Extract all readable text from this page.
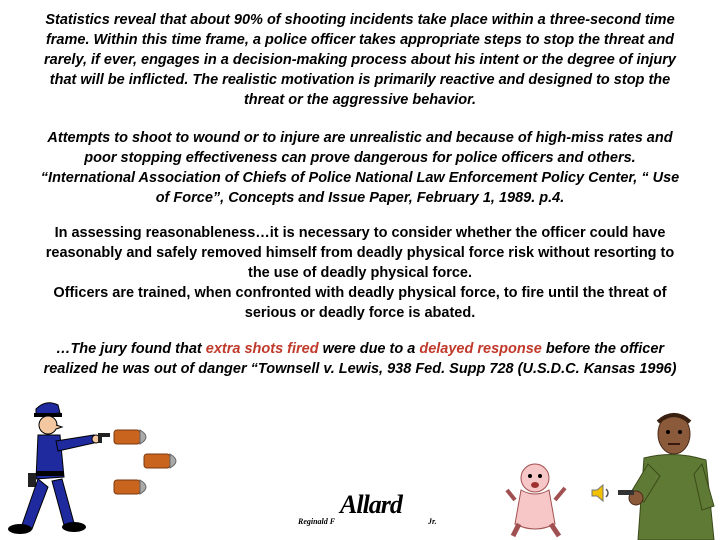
Statistics reveal that about 90% of shooting incidents take place within a three-second time frame. Within this time frame, a police officer takes appropriate steps to stop the threat and rarely, if ever, engages in a decision-making process about his intent or the degree of injury that will be inflicted. The realistic motivation is primarily reactive and designed to stop the threat or the aggressive behavior.

Attempts to shoot to wound or to injure are unrealistic and because of high-miss rates and poor stopping effectiveness can prove dangerous for police officers and others. “International Association of Chiefs of Police National Law Enforcement Policy Center, “ Use of Force”, Concepts and Issue Paper, February 1, 1989. p.4.

In assessing reasonableness…it is necessary to consider whether the officer could have reasonably and safely removed himself from deadly physical force risk without resorting to the use of deadly physical force.
Officers are trained, when confronted with deadly physical force, to fire until the threat of serious or deadly force is abated.

…The jury found that extra shots fired were due to a delayed response before the officer realized he was out of danger “Townsell v. Lewis, 938 Fed. Supp 728 (U.S.D.C. Kansas 1996)

Reginald F
Allard
Jr.
